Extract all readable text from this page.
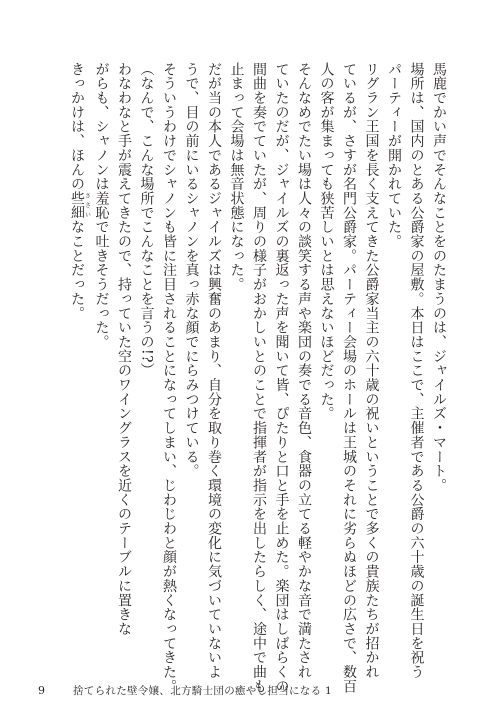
馬鹿でかい声でそんなことをのたまうのは、ジャイルズ・マート。

場所は、国内のとある公爵家の屋敷。本日はここで、主催者である公爵の六十歳の誕生日を祝う

パーティーが開かれていた。

リグラン王国を長く支えてきた公爵家当主の六十歳の祝いということで多くの貴族たちが招かれ

ているが、さすが名門公爵家。パーティー会場のホールは王城のそれに劣らぬほどの広さで、数百

人の客が集まっても狭苦しいとは思えないほどだった。

そんなめでたい場は人々の談笑する声や楽団の奏でる音色、食器の立てる軽やかな音で満たされ

ていたのだが、ジャイルズの裏返った声を聞いて皆、ぴたりと口と手を止めた。楽団はしばらくの

間曲を奏でていたが、周りの様子がおかしいとのことで指揮者が指示を出したらしく、途中で曲も

止まって会場は無音状態になった。

だが当の本人であるジャイルズは興奮のあまり、自分を取り巻く環境の変化に気づいていないよ

うで、目の前にいるシャノンを真っ赤な顔でにらみつけている。

そういうわけでシャノンも皆に注目されることになってしまい、じわじわと顔が熱くなってきた。

（なんで、こんな場所でこんなことを言うの!?）

わなわなと手が震えてきたので、持っていた空のワイングラスを近くのテーブルに置きな

がらも、シャノンは羞恥で吐きそうだった。

きっかけは、ほんの些細ささいなことだった。

9	捨てられた壁令嬢、北方騎士団の癒やし担当になる 1
